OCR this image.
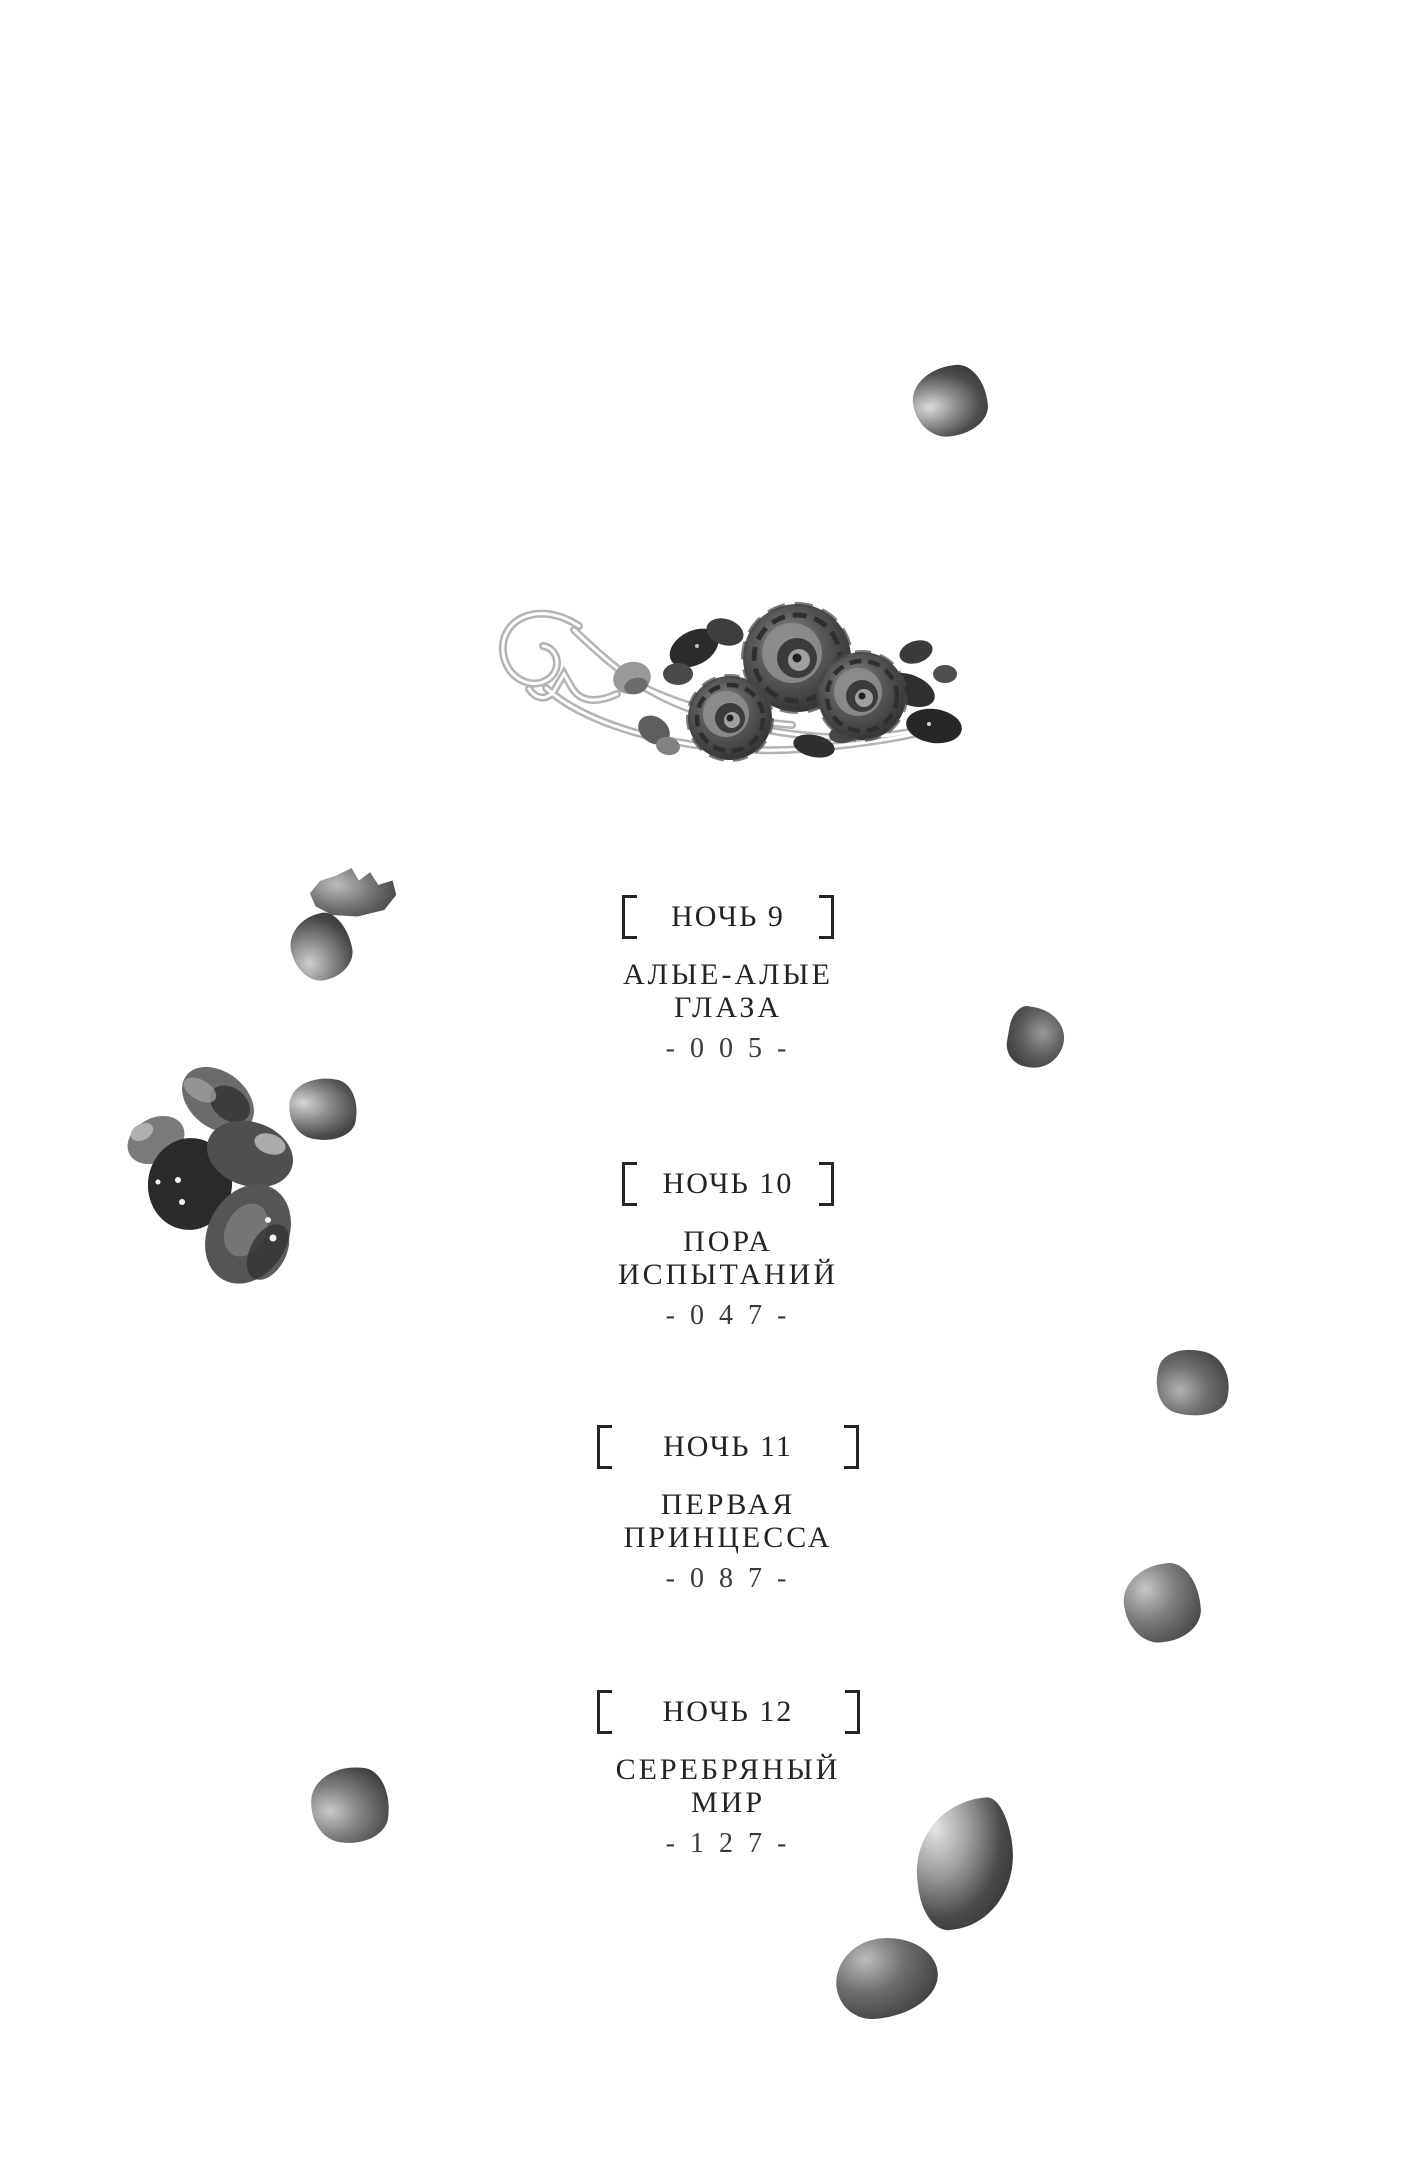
НОЧЬ 9
АЛЫЕ-АЛЫЕ
ГЛАЗА
- 0 0 5 -
НОЧЬ 10
ПОРА
ИСПЫТАНИЙ
- 0 4 7 -
НОЧЬ 11
ПЕРВАЯ
ПРИНЦЕССА
- 0 8 7 -
НОЧЬ 12
СЕРЕБРЯНЫЙ
МИР
- 1 2 7 -
